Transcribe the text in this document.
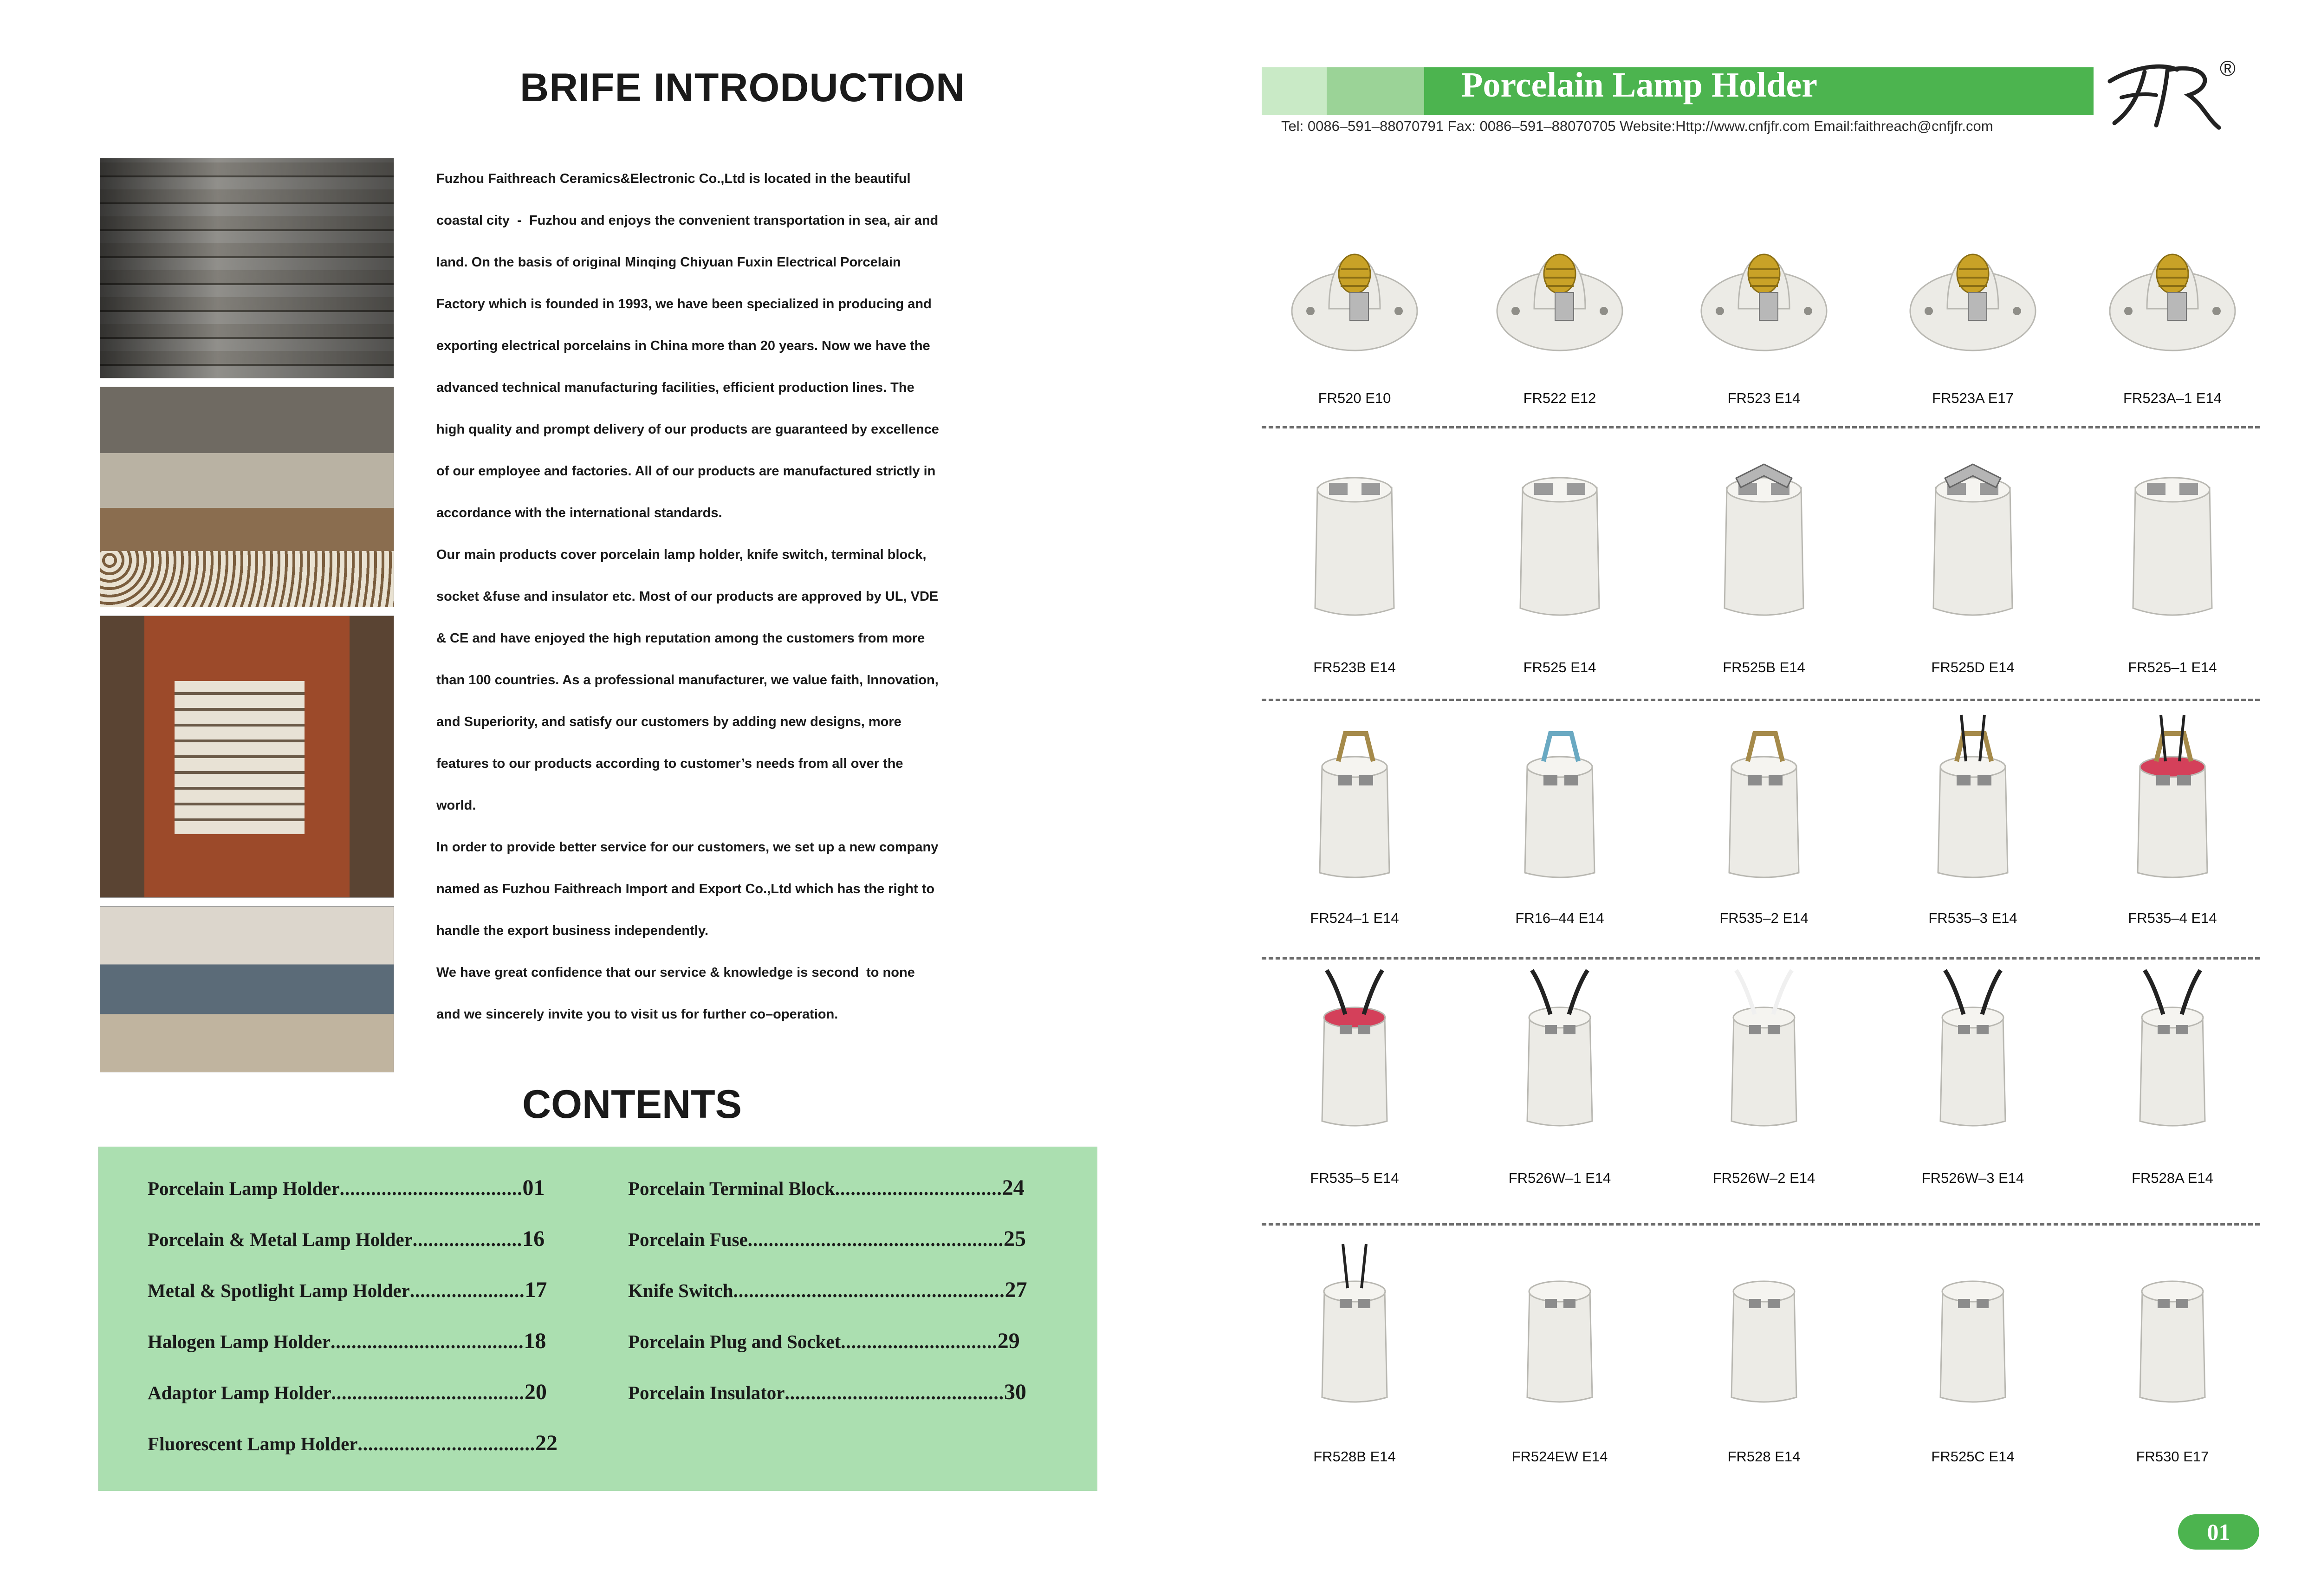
BRIFE INTRODUCTION

Fuzhou Faithreach Ceramics&Electronic Co.,Ltd is located in the beautiful

coastal city  -  Fuzhou and enjoys the convenient transportation in sea, air and

land. On the basis of original Minqing Chiyuan Fuxin Electrical Porcelain

Factory which is founded in 1993, we have been specialized in producing and

exporting electrical porcelains in China more than 20 years. Now we have the

advanced technical manufacturing facilities, efficient production lines. The

high quality and prompt delivery of our products are guaranteed by excellence

of our employee and factories. All of our products are manufactured strictly in

accordance with the international standards.

Our main products cover porcelain lamp holder, knife switch, terminal block,

socket &fuse and insulator etc. Most of our products are approved by UL, VDE

& CE and have enjoyed the high reputation among the customers from more

than 100 countries. As a professional manufacturer, we value faith, Innovation,

and Superiority, and satisfy our customers by adding new designs, more

features to our products according to customer’s needs from all over the

world.

In order to provide better service for our customers, we set up a new company

named as Fuzhou Faithreach Import and Export Co.,Ltd which has the right to

handle the export business independently.

We have great confidence that our service & knowledge is second  to none

and we sincerely invite you to visit us for further co–operation.

CONTENTS
Porcelain Lamp Holder...................................01
Porcelain & Metal Lamp Holder.....................16
Metal & Spotlight Lamp Holder......................17
Halogen Lamp Holder.....................................18
Adaptor Lamp Holder.....................................20
Fluorescent Lamp Holder..................................22
Porcelain Terminal Block................................24
Porcelain Fuse.................................................25
Knife Switch....................................................27
Porcelain Plug and Socket..............................29
Porcelain Insulator..........................................30
Porcelain Lamp Holder
Tel: 0086–591–88070791 Fax: 0086–591–88070705 Website:Http://www.cnfjfr.com Email:faithreach@cnfjfr.com
®
FR520 E10	FR522 E12	FR523 E14	FR523A E17	FR523A–1 E14
FR523B E14	FR525 E14	FR525B E14	FR525D E14	FR525–1 E14
FR524–1 E14	FR16–44 E14	FR535–2 E14	FR535–3 E14	FR535–4 E14
FR535–5 E14	FR526W–1 E14	FR526W–2 E14	FR526W–3 E14	FR528A E14
FR528B E14	FR524EW E14	FR528 E14	FR525C E14	FR530 E17
01
